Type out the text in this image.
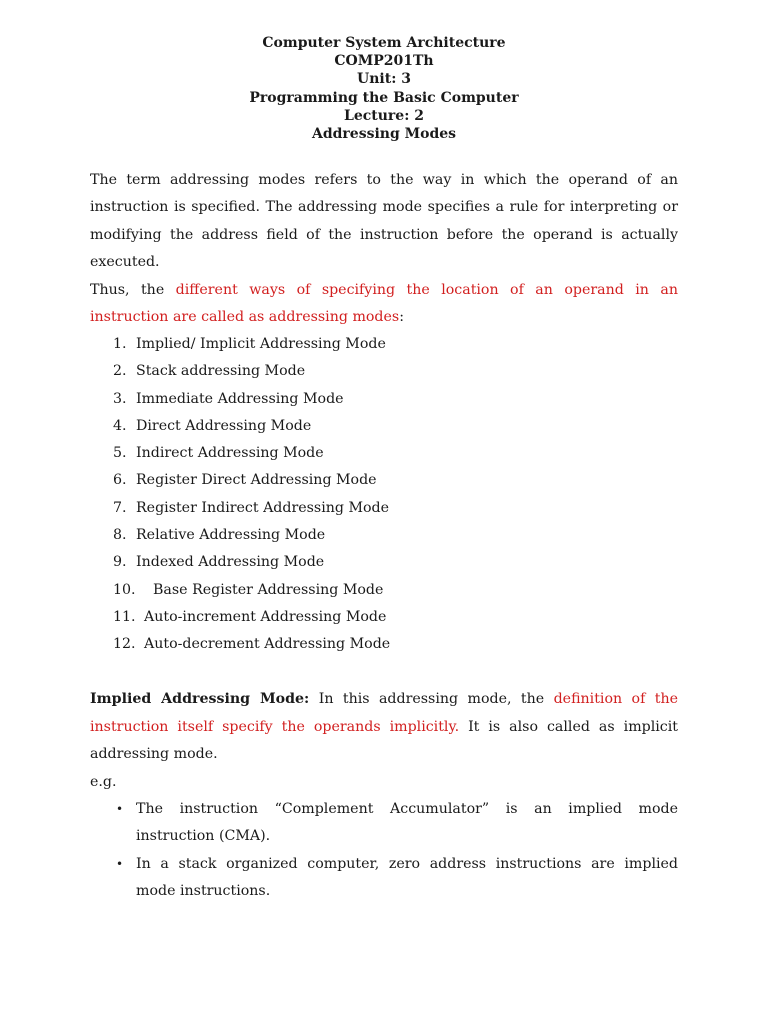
Computer System Architecture
COMP201Th
Unit: 3
Programming the Basic Computer
Lecture: 2
Addressing Modes
The term addressing modes refers to the way in which the operand of an
instruction is specified. The addressing mode specifies a rule for interpreting or
modifying the address field of the instruction before the operand is actually
executed.
Thus, the different ways of specifying the location of an operand in an
instruction are called as addressing modes:
1. Implied/ Implicit Addressing Mode
2. Stack addressing Mode
3. Immediate Addressing Mode
4. Direct Addressing Mode
5. Indirect Addressing Mode
6. Register Direct Addressing Mode
7. Register Indirect Addressing Mode
8. Relative Addressing Mode
9. Indexed Addressing Mode
10. Base Register Addressing Mode
11. Auto-increment Addressing Mode
12. Auto-decrement Addressing Mode
Implied Addressing Mode: In this addressing mode, the definition of the
instruction itself specify the operands implicitly. It is also called as implicit
addressing mode.
e.g.
• The instruction “Complement Accumulator” is an implied mode
instruction (CMA).
• In a stack organized computer, zero address instructions are implied
mode instructions.
